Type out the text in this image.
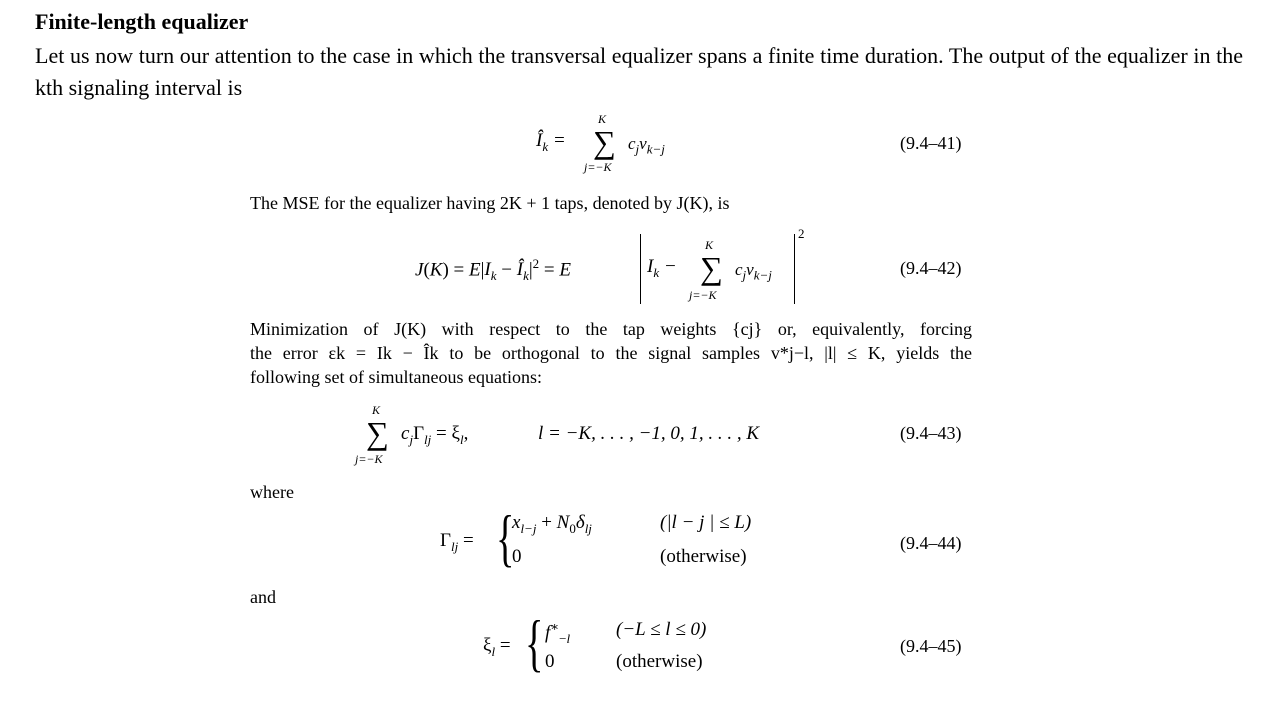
Finite-length equalizer
Let us now turn our attention to the case in which the transversal equalizer spans a finite time duration. The output of the equalizer in the kth signaling interval is
$Î_k$ =
K
∑
j=−K
$c_jv_{k-j}$	(9.4–41)
The MSE for the equalizer having 2K + 1 taps, denoted by J(K), is
$J(K) = E|I_k$ − $Î_k|^2 = E$	$I_k$ −
K
∑
j=−K
$c_jv_{k-j}$
2
(9.4–42)
Minimization of J(K) with respect to the tap weights {cj} or, equivalently, forcing
the error εk = Ik − Îk to be orthogonal to the signal samples v*j−l, |l| ≤ K, yields the
following set of simultaneous equations:
K
∑
j=−K
$c_j\Gamma_{lj} = \xi_l$,	l = −K, . . . , −1, 0, 1, . . . , K	(9.4–43)
where
$\Gamma_{lj}$ = {
$x_{l-j} + N_0\delta_{lj}$
0
(|l − j | ≤ L)
(otherwise)
(9.4–44)
and
$\xi_l$ = { $f^∗_{-l}$
0
(−L ≤ l ≤ 0)
(otherwise)
(9.4–45)
